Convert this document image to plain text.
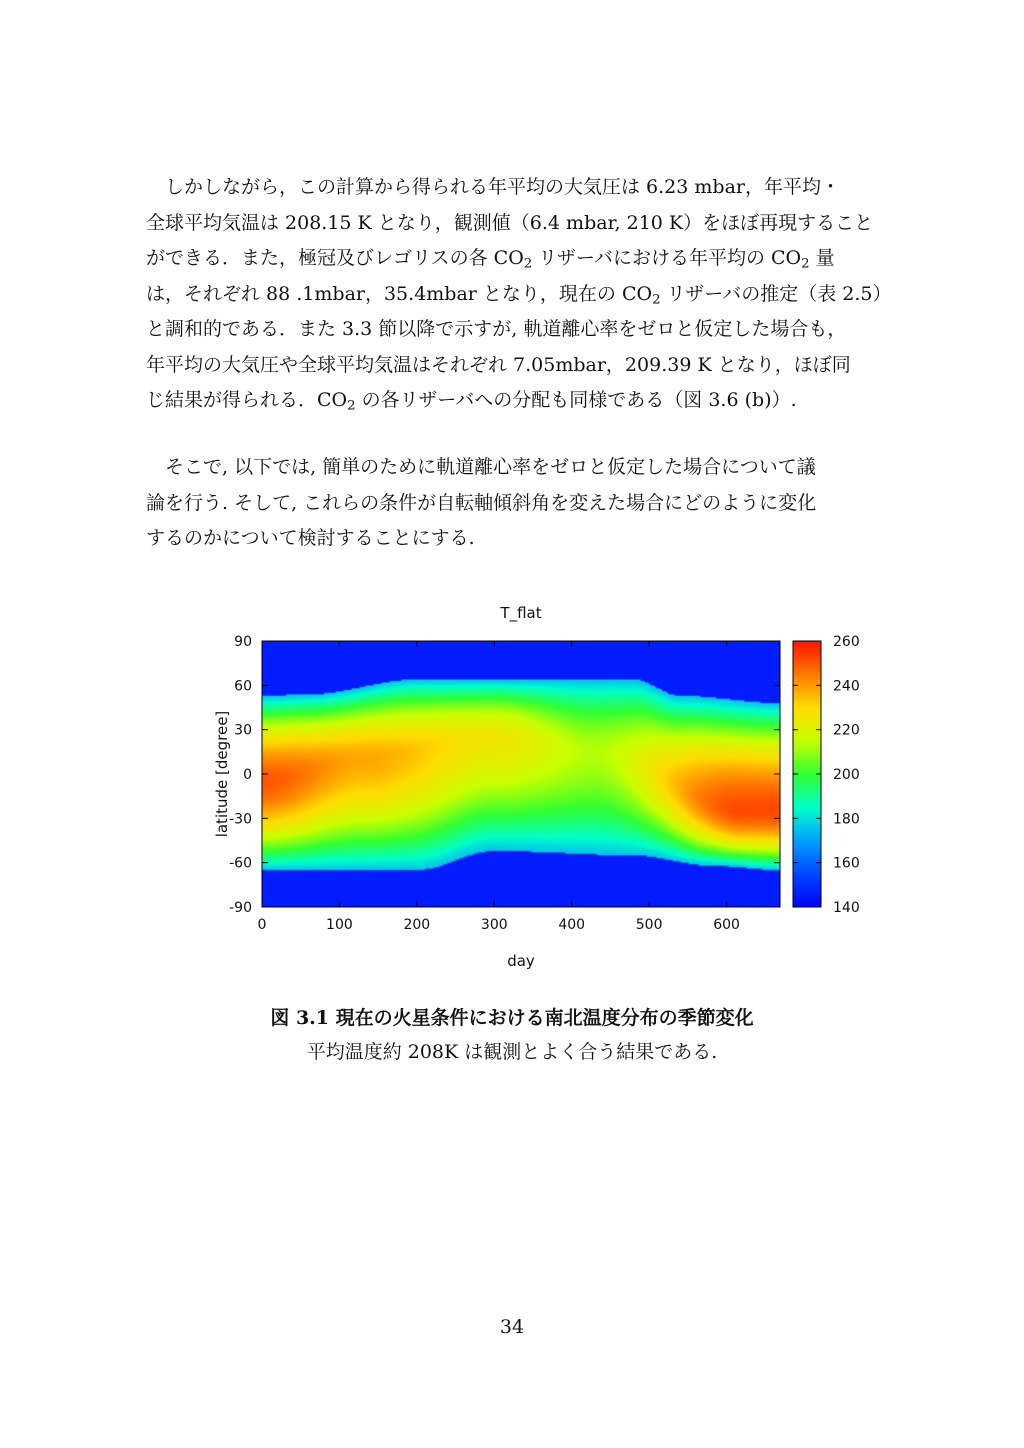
　しかしながら，この計算から得られる年平均の大気圧は 6.23 mbar，年平均・
全球平均気温は 208.15 K となり，観測値（6.4 mbar, 210 K）をほぼ再現すること
ができる．また，極冠及びレゴリスの各 $CO_2$ リザーバにおける年平均の $CO_2$ 量
は，それぞれ 88 .1mbar，35.4mbar となり，現在の $CO_2$ リザーバの推定（表 2.5）
と調和的である．また 3.3 節以降で示すが, 軌道離心率をゼロと仮定した場合も，
年平均の大気圧や全球平均気温はそれぞれ 7.05mbar，209.39 K となり，ほぼ同
じ結果が得られる．$CO_2$ の各リザーバへの分配も同様である（図 3.6 (b)）.

　そこで, 以下では, 簡単のために軌道離心率をゼロと仮定した場合について議
論を行う. そして, これらの条件が自転軸傾斜角を変えた場合にどのように変化
するのかについて検討することにする.

T_flat
0	100	200	300	400	500	600
90
60
30
0
-30
-60
-90
day
latitude [degree]
260
240
220
200
180
160
140

図 3.1 現在の火星条件における南北温度分布の季節変化

平均温度約 208K は観測とよく合う結果である.

34
